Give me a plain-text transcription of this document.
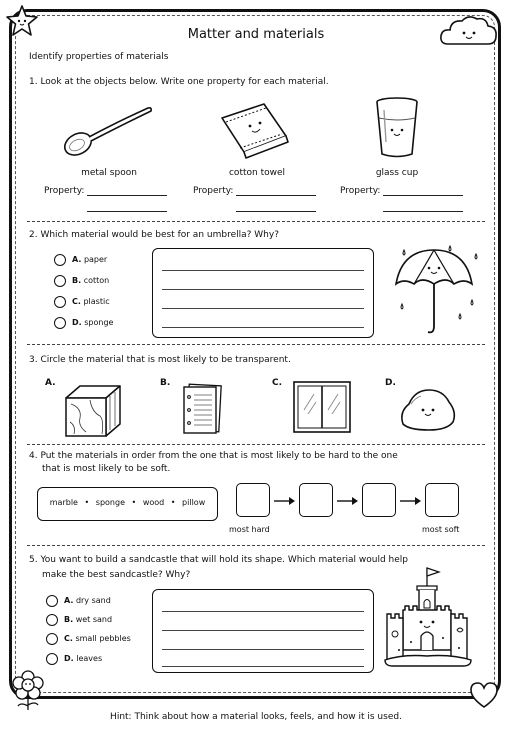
Matter and materials
Identify properties of materials
1. Look at the objects below. Write one property for each material.
metal spoon	cotton towel	glass cup
Property:	Property:	Property:
2. Which material would be best for an umbrella? Why?
A. paper
B. cotton
C. plastic
D. sponge
3. Circle the material that is most likely to be transparent.
A.	B.	C.	D.
4. Put the materials in order from the one that is most likely to be hard to the one
that is most likely to be soft.
marble • sponge • wood • pillow
most hard	most soft
5. You want to build a sandcastle that will hold its shape. Which material would help
make the best sandcastle? Why?
A. dry sand
B. wet sand
C. small pebbles
D. leaves
Hint: Think about how a material looks, feels, and how it is used.
